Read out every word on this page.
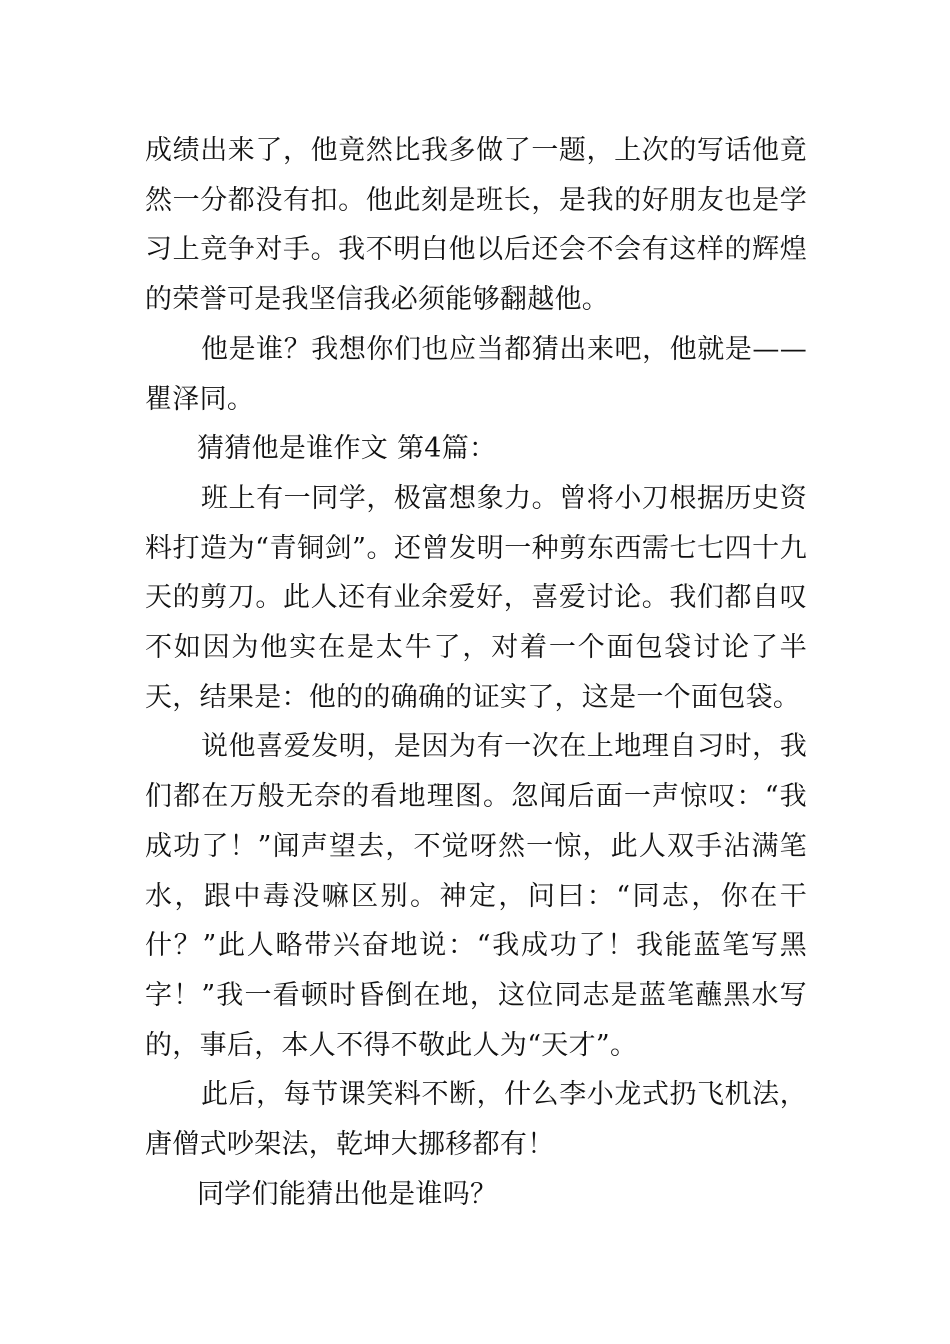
成绩出来了，他竟然比我多做了一题，上次的写话他竟然一分都没有扣。他此刻是班长，是我的好朋友也是学习上竞争对手。我不明白他以后还会不会有这样的辉煌的荣誉可是我坚信我必须能够翻越他。

他是谁？我想你们也应当都猜出来吧，他就是——瞿泽同。

猜猜他是谁作文 第4篇：

班上有一同学，极富想象力。曾将小刀根据历史资料打造为“青铜剑”。还曾发明一种剪东西需七七四十九天的剪刀。此人还有业余爱好，喜爱讨论。我们都自叹不如因为他实在是太牛了，对着一个面包袋讨论了半天，结果是：他的的确确的证实了，这是一个面包袋。

说他喜爱发明，是因为有一次在上地理自习时，我们都在万般无奈的看地理图。忽闻后面一声惊叹：“我成功了！”闻声望去，不觉呀然一惊，此人双手沾满笔水，跟中毒没嘛区别。神定，问曰：“同志，你在干什？”此人略带兴奋地说：“我成功了！我能蓝笔写黑字！”我一看顿时昏倒在地，这位同志是蓝笔蘸黑水写的，事后，本人不得不敬此人为“天才”。

此后，每节课笑料不断，什么李小龙式扔飞机法，唐僧式吵架法，乾坤大挪移都有！

同学们能猜出他是谁吗？
